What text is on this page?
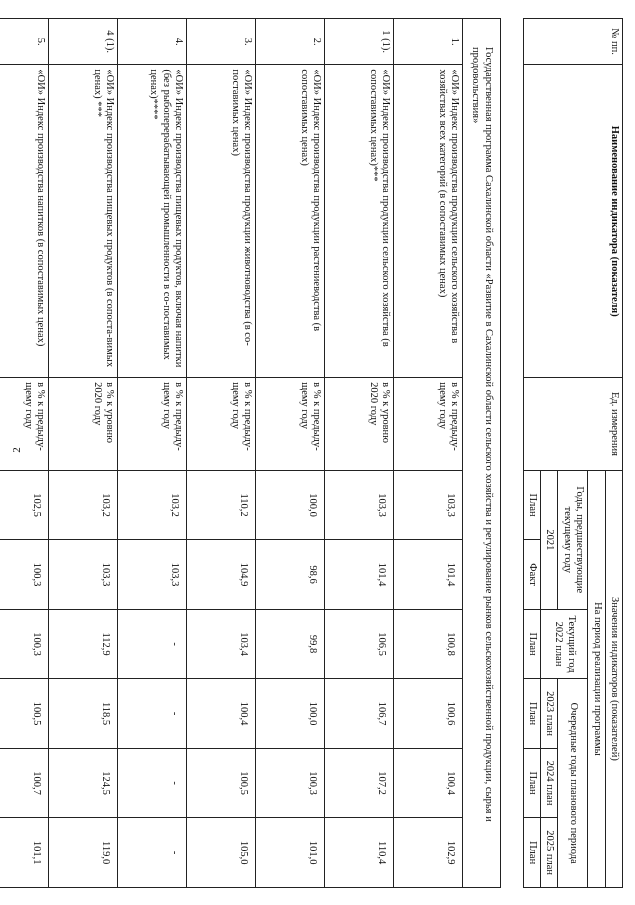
2
№ пп.	Наименование индикатора (показателя)	Ед. измерения	Значения индикаторов (показателей)					
			На период реализации программы					
			Годы, предшествующие текущему году		Текущий год 2022 план	Очередные годы планового периода		
			2021			2023 план	2024 план	2025 план
			План	Факт	План	План	План	План

Государственная программа Сахалинской области «Развитие в Сахалинской области сельского хозяйства и регулирование рынков сельскохозяйственной продукции, сырья и продовольствия»								
1.	«ОИ» Индекс производства продукции сельского хозяйства в хозяйствах всех категорий (в сопоставимых ценах)	в % к предыду-щему году	103,3	101,4	100,8	100,6	100,4	102,9
1 (1).	«ОИ» Индекс производства продукции сельского хозяйства (в сопоставимых ценах)***	в % к уровню 2020 году	103,3	101,4	106,5	106,7	107,2	110,4
2.	«ОИ» Индекс производства продукции растениеводства (в сопоставимых ценах)	в % к предыду-щему году	100,0	98,6	99,8	100,0	100,3	101,0
3.	«ОИ» Индекс производства продукции животноводства (в со-поставимых ценах)	в % к предыду-щему году	110,2	104,9	103,4	100,4	100,5	105,0
4.	«ОИ» Индекс производства пищевых продуктов, включая напитки (без рыбоперерабатывающей промышленности в со-поставимых ценах)****	в % к предыду-щему году	103,2	103,3	-	-	-	-
4 (1).	«ОИ» Индекс производства пищевых продуктов (в сопоста-вимых ценах) ***	в % к уровню 2020 году	103,2	103,3	112,9	118,5	124,5	119,0
5.	«ОИ» Индекс производства напитков (в сопоставимых ценах)	в % к предыду-щему году	102,5	100,3	100,3	100,5	100,7	101,1
